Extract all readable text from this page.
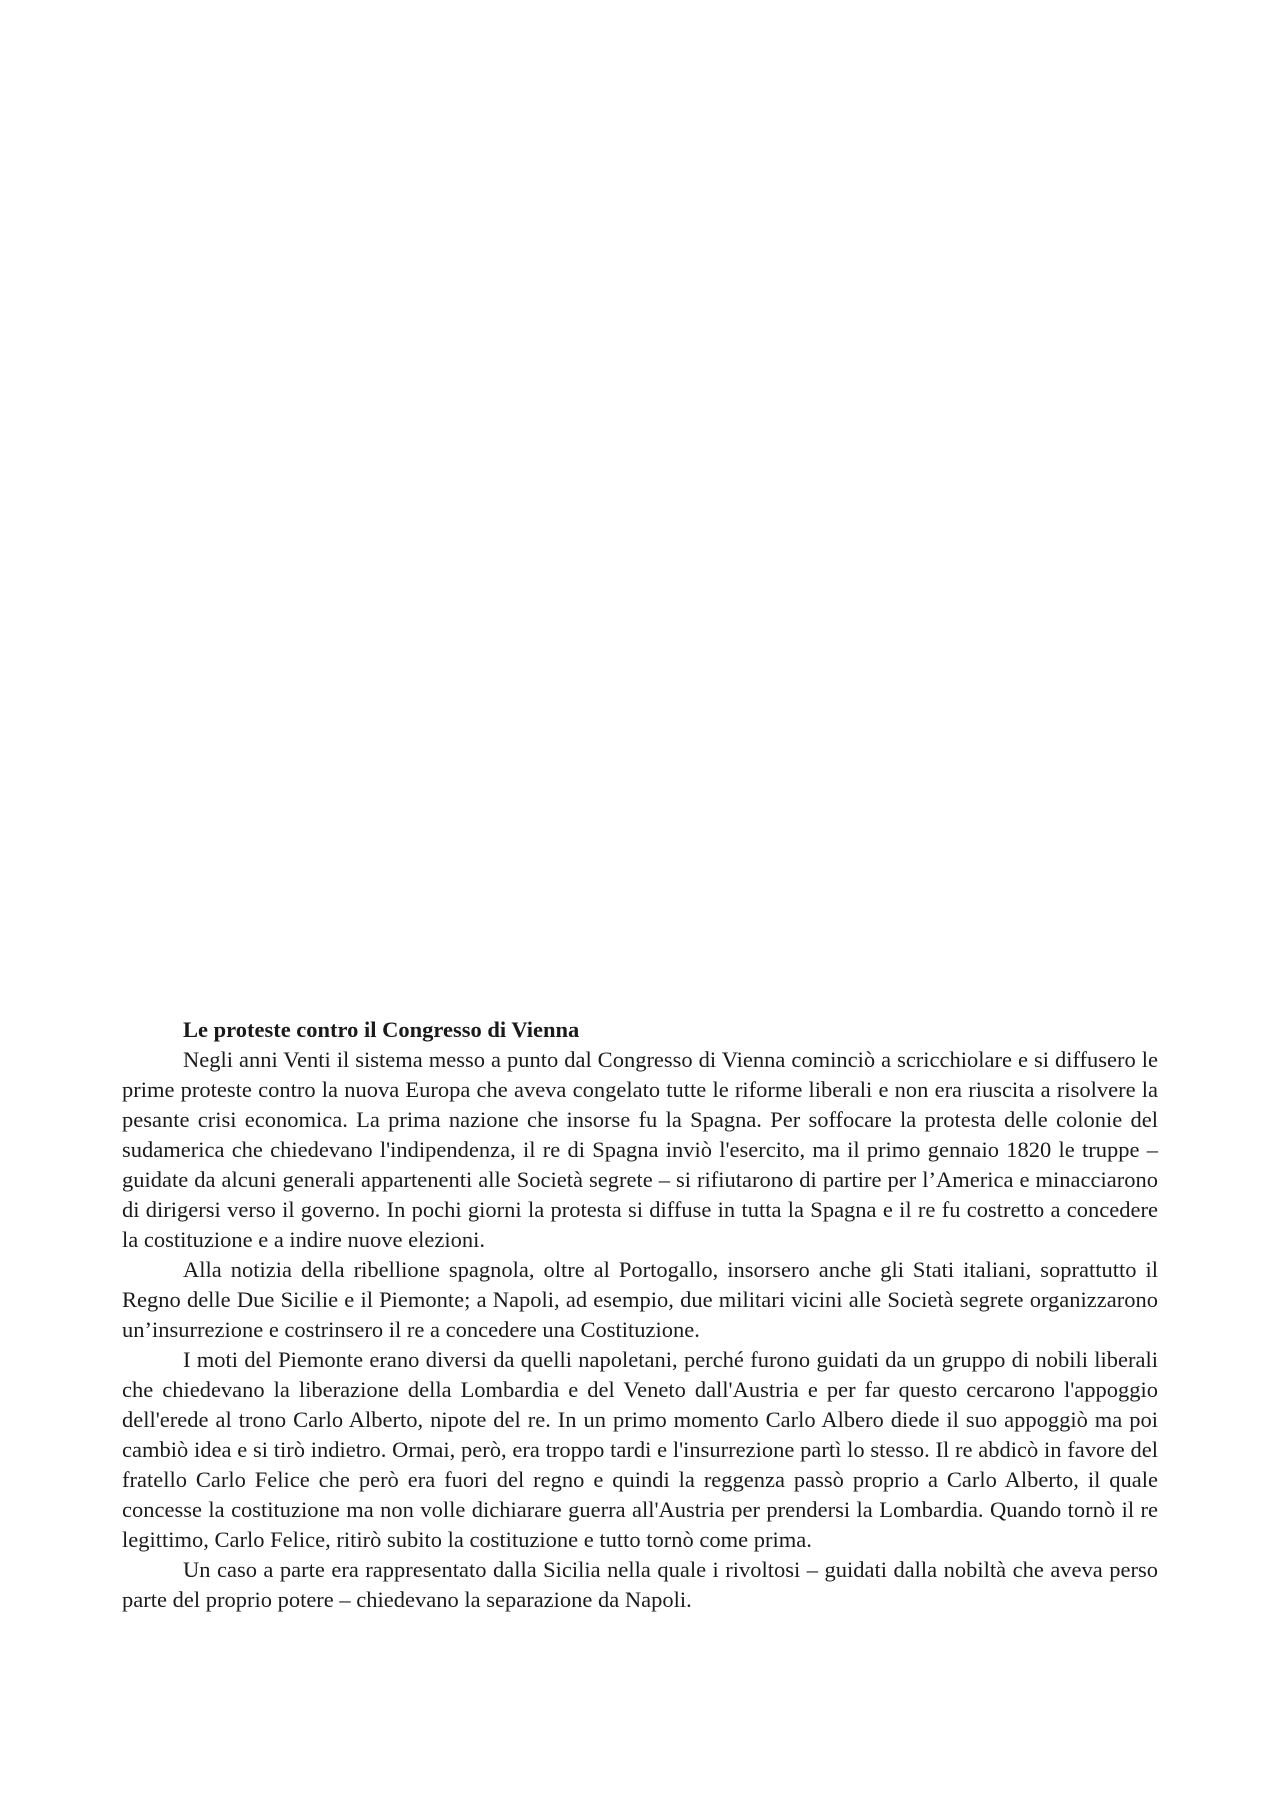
Le proteste contro il Congresso di Vienna

Negli anni Venti il sistema messo a punto dal Congresso di Vienna cominciò a scricchiolare e si diffusero le prime proteste contro la nuova Europa che aveva congelato tutte le riforme liberali e non era riuscita a risolvere la pesante crisi economica. La prima nazione che insorse fu la Spagna. Per soffocare la protesta delle colonie del sudamerica che chiedevano l'indipendenza, il re di Spagna inviò l'esercito, ma il primo gennaio 1820 le truppe – guidate da alcuni generali appartenenti alle Società segrete – si rifiutarono di partire per l’America e minacciarono di dirigersi verso il governo. In pochi giorni la protesta si diffuse in tutta la Spagna e il re fu costretto a concedere la costituzione e a indire nuove elezioni.

Alla notizia della ribellione spagnola, oltre al Portogallo, insorsero anche gli Stati italiani, soprattutto il Regno delle Due Sicilie e il Piemonte; a Napoli, ad esempio, due militari vicini alle Società segrete organizzarono un’insurrezione e costrinsero il re a concedere una Costituzione.

I moti del Piemonte erano diversi da quelli napoletani, perché furono guidati da un gruppo di nobili liberali che chiedevano la liberazione della Lombardia e del Veneto dall'Austria e per far questo cercarono l'appoggio dell'erede al trono Carlo Alberto, nipote del re. In un primo momento Carlo Albero diede il suo appoggiò ma poi cambiò idea e si tirò indietro. Ormai, però, era troppo tardi e l'insurrezione partì lo stesso. Il re abdicò in favore del fratello Carlo Felice che però era fuori del regno e quindi la reggenza passò proprio a Carlo Alberto, il quale concesse la costituzione ma non volle dichiarare guerra all'Austria per prendersi la Lombardia. Quando tornò il re legittimo, Carlo Felice, ritirò subito la costituzione e tutto tornò come prima.

Un caso a parte era rappresentato dalla Sicilia nella quale i rivoltosi – guidati dalla nobiltà che aveva perso parte del proprio potere – chiedevano la separazione da Napoli.
